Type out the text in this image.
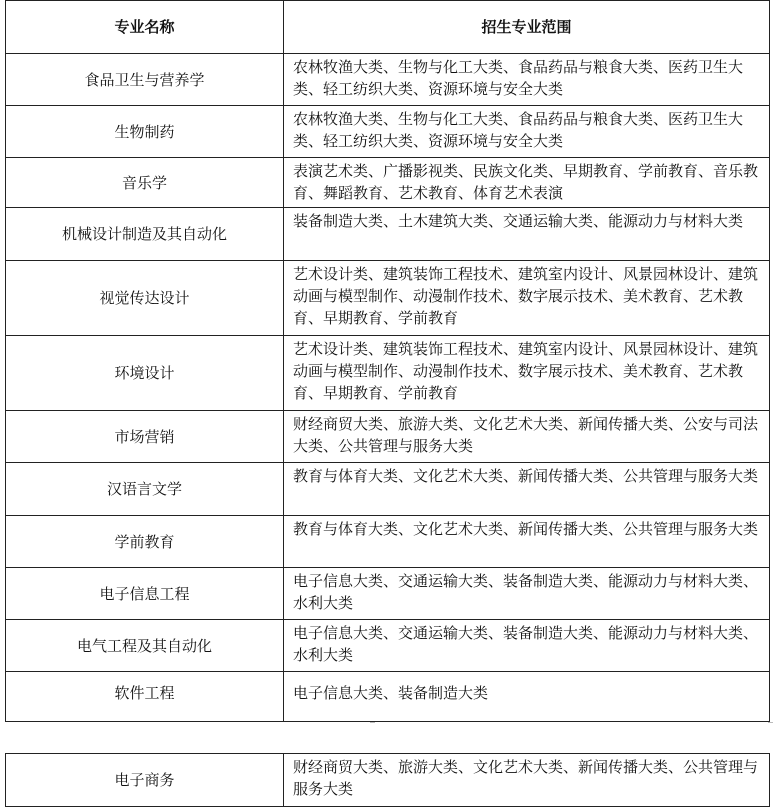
专业名称	招生专业范围
食品卫生与营养学	农林牧渔大类、生物与化工大类、食品药品与粮食大类、医药卫生大类、轻工纺织大类、资源环境与安全大类
生物制药	农林牧渔大类、生物与化工大类、食品药品与粮食大类、医药卫生大类、轻工纺织大类、资源环境与安全大类
音乐学	表演艺术类、广播影视类、民族文化类、早期教育、学前教育、音乐教育、舞蹈教育、艺术教育、体育艺术表演
机械设计制造及其自动化	装备制造大类、土木建筑大类、交通运输大类、能源动力与材料大类
视觉传达设计	艺术设计类、建筑装饰工程技术、建筑室内设计、风景园林设计、建筑动画与模型制作、动漫制作技术、数字展示技术、美术教育、艺术教育、早期教育、学前教育
环境设计	艺术设计类、建筑装饰工程技术、建筑室内设计、风景园林设计、建筑动画与模型制作、动漫制作技术、数字展示技术、美术教育、艺术教育、早期教育、学前教育
市场营销	财经商贸大类、旅游大类、文化艺术大类、新闻传播大类、公安与司法大类、公共管理与服务大类
汉语言文学	教育与体育大类、文化艺术大类、新闻传播大类、公共管理与服务大类
学前教育	教育与体育大类、文化艺术大类、新闻传播大类、公共管理与服务大类
电子信息工程	电子信息大类、交通运输大类、装备制造大类、能源动力与材料大类、水利大类
电气工程及其自动化	电子信息大类、交通运输大类、装备制造大类、能源动力与材料大类、水利大类
软件工程	电子信息大类、装备制造大类
电子商务	财经商贸大类、旅游大类、文化艺术大类、新闻传播大类、公共管理与服务大类
